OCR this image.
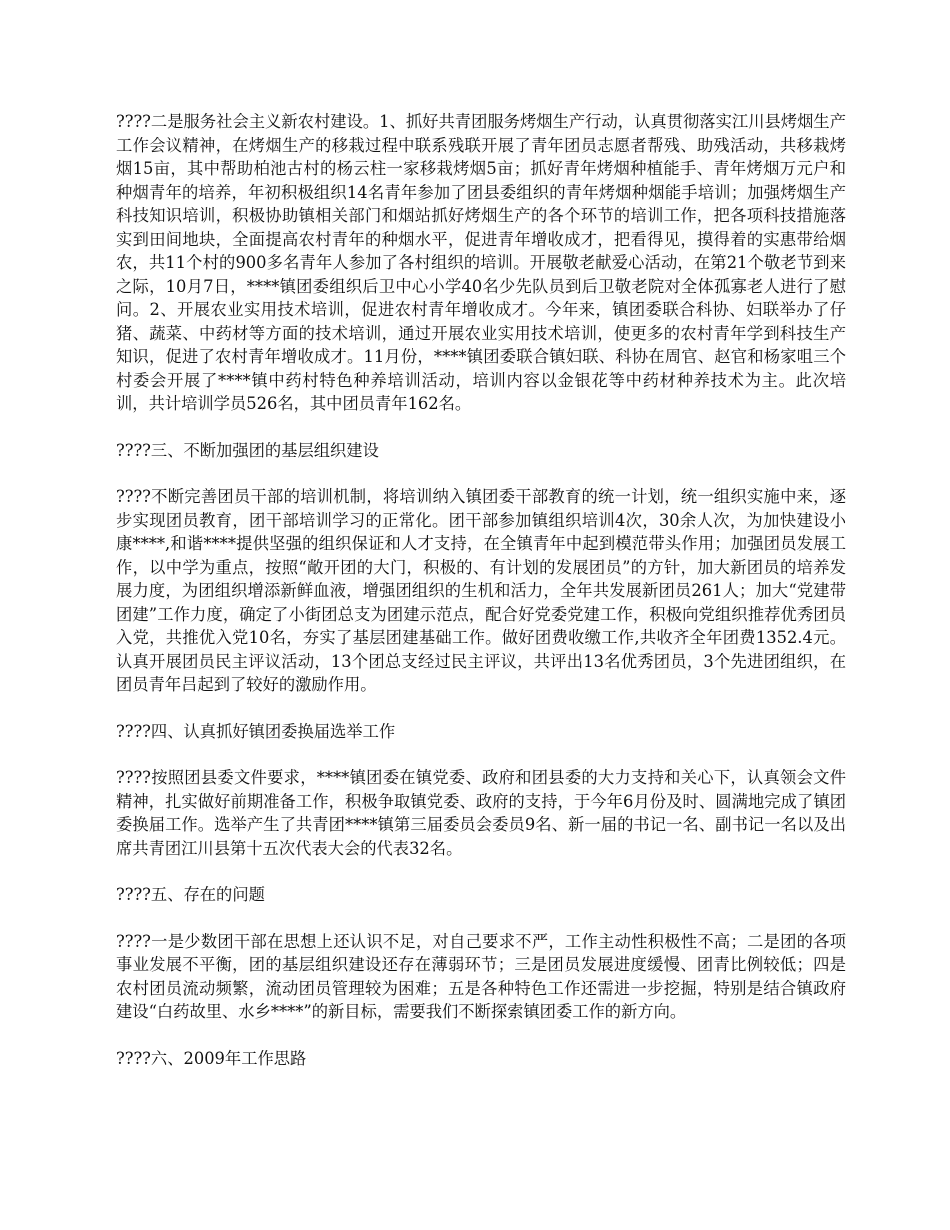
????二是服务社会主义新农村建设。1、抓好共青团服务烤烟生产行动，认真贯彻落实江川县烤烟生产工作会议精神，在烤烟生产的移栽过程中联系残联开展了青年团员志愿者帮残、助残活动，共移栽烤烟15亩，其中帮助柏池古村的杨云柱一家移栽烤烟5亩；抓好青年烤烟种植能手、青年烤烟万元户和种烟青年的培养，年初积极组织14名青年参加了团县委组织的青年烤烟种烟能手培训；加强烤烟生产科技知识培训，积极协助镇相关部门和烟站抓好烤烟生产的各个环节的培训工作，把各项科技措施落实到田间地块，全面提高农村青年的种烟水平，促进青年增收成才，把看得见，摸得着的实惠带给烟农，共11个村的900多名青年人参加了各村组织的培训。开展敬老献爱心活动，在第21个敬老节到来之际，10月7日，****镇团委组织后卫中心小学40名少先队员到后卫敬老院对全体孤寡老人进行了慰问。2、开展农业实用技术培训，促进农村青年增收成才。今年来，镇团委联合科协、妇联举办了仔猪、蔬菜、中药材等方面的技术培训，通过开展农业实用技术培训，使更多的农村青年学到科技生产知识，促进了农村青年增收成才。11月份，****镇团委联合镇妇联、科协在周官、赵官和杨家咀三个村委会开展了****镇中药村特色种养培训活动，培训内容以金银花等中药材种养技术为主。此次培训，共计培训学员526名，其中团员青年162名。

????三、不断加强团的基层组织建设

????不断完善团员干部的培训机制，将培训纳入镇团委干部教育的统一计划，统一组织实施中来，逐步实现团员教育，团干部培训学习的正常化。团干部参加镇组织培训4次，30余人次，为加快建设小康****,和谐****提供坚强的组织保证和人才支持，在全镇青年中起到模范带头作用；加强团员发展工作，以中学为重点，按照“敞开团的大门，积极的、有计划的发展团员”的方针，加大新团员的培养发展力度，为团组织增添新鲜血液，增强团组织的生机和活力，全年共发展新团员261人；加大“党建带团建”工作力度，确定了小街团总支为团建示范点，配合好党委党建工作，积极向党组织推荐优秀团员入党，共推优入党10名，夯实了基层团建基础工作。做好团费收缴工作,共收齐全年团费1352.4元。认真开展团员民主评议活动，13个团总支经过民主评议，共评出13名优秀团员，3个先进团组织，在团员青年吕起到了较好的激励作用。

????四、认真抓好镇团委换届选举工作

????按照团县委文件要求，****镇团委在镇党委、政府和团县委的大力支持和关心下，认真领会文件精神，扎实做好前期准备工作，积极争取镇党委、政府的支持，于今年6月份及时、圆满地完成了镇团委换届工作。选举产生了共青团****镇第三届委员会委员9名、新一届的书记一名、副书记一名以及出席共青团江川县第十五次代表大会的代表32名。

????五、存在的问题

????一是少数团干部在思想上还认识不足，对自己要求不严，工作主动性积极性不高；二是团的各项事业发展不平衡，团的基层组织建设还存在薄弱环节；三是团员发展进度缓慢、团青比例较低；四是农村团员流动频繁，流动团员管理较为困难；五是各种特色工作还需进一步挖掘，特别是结合镇政府建设“白药故里、水乡****”的新目标，需要我们不断探索镇团委工作的新方向。

????六、2009年工作思路
